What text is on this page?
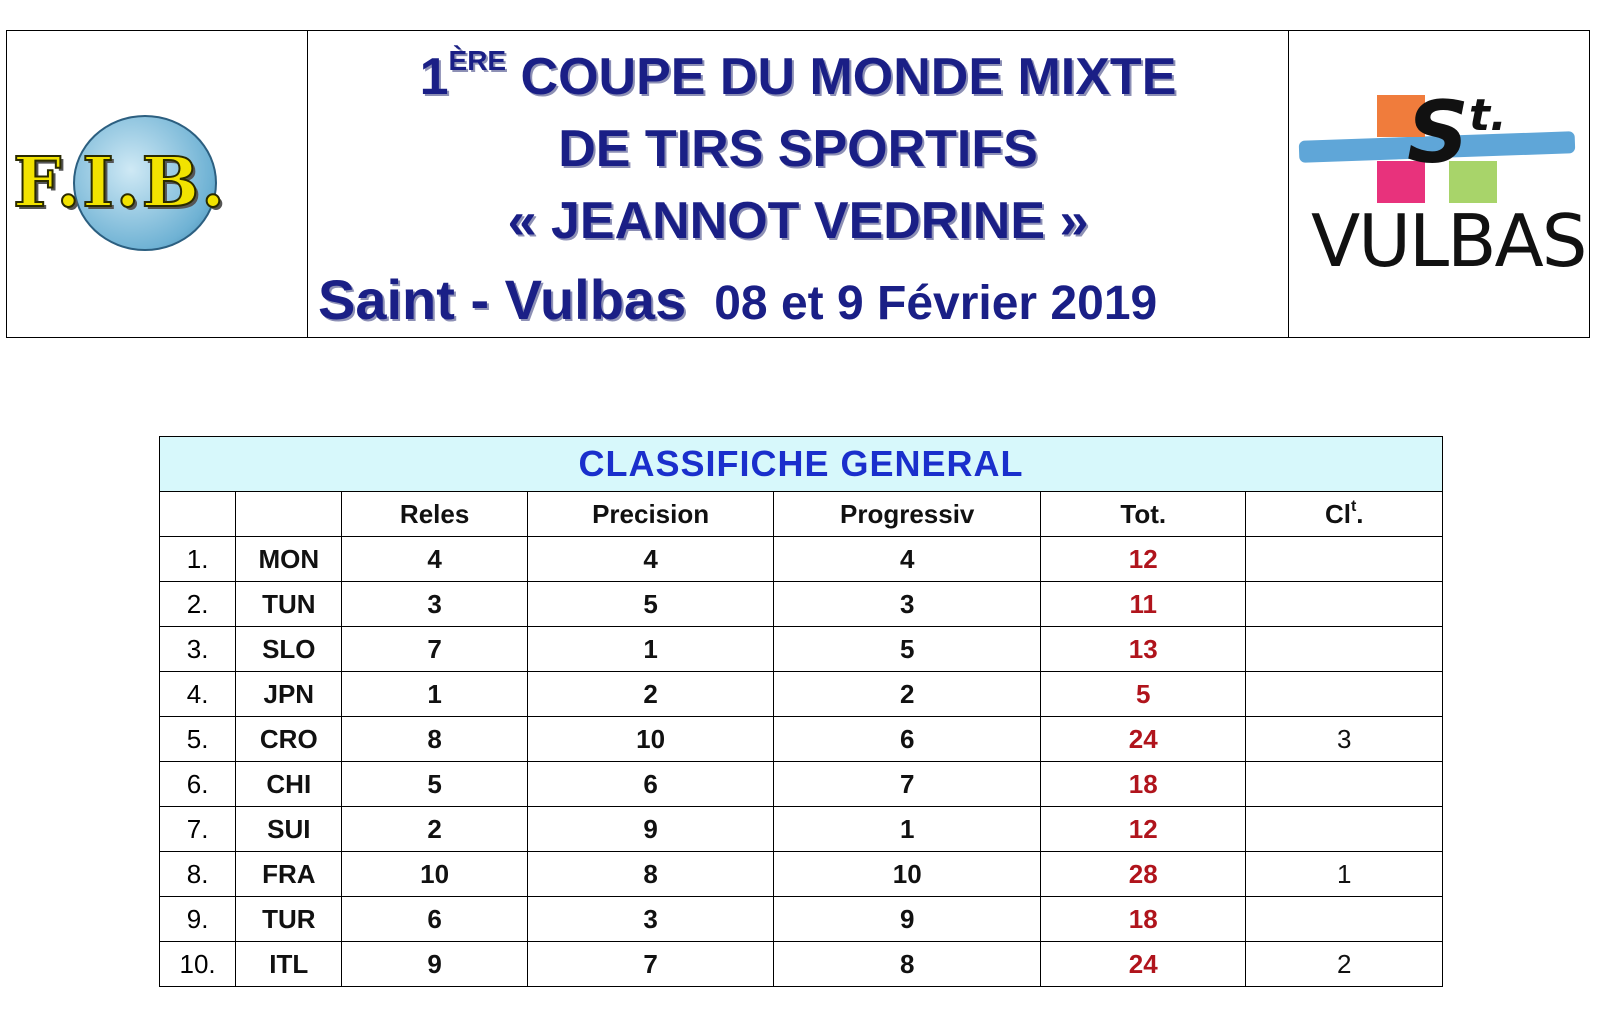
F.I.B.
1ÈRE COUPE DU MONDE MIXTE
DE TIRS SPORTIFS
« JEANNOT VEDRINE »
Saint - Vulbas 08 et 9 Février 2019
$S^{t.}$
VULBAS
CLASSIFICHE GENERAL						
		Reles	Precision	Progressiv	Tot.	Cl$^t$.
1.	MON	4	4	4	12	
2.	TUN	3	5	3	11	
3.	SLO	7	1	5	13	
4.	JPN	1	2	2	5	
5.	CRO	8	10	6	24	3
6.	CHI	5	6	7	18	
7.	SUI	2	9	1	12	
8.	FRA	10	8	10	28	1
9.	TUR	6	3	9	18	
10.	ITL	9	7	8	24	2
